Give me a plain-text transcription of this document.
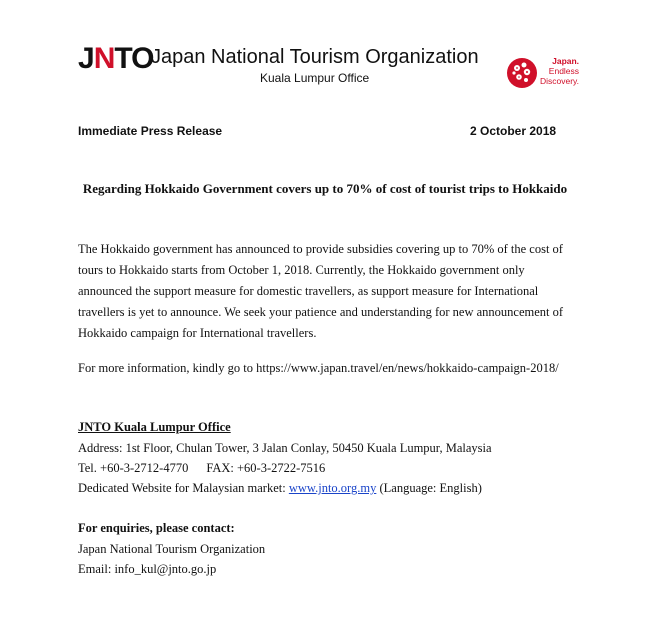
JNTO
Japan National Tourism Organization
Kuala Lumpur Office
Japan.
Endless
Discovery.
Immediate Press Release	2 October 2018
Regarding Hokkaido Government covers up to 70% of cost of tourist trips to Hokkaido
The Hokkaido government has announced to provide subsidies covering up to 70% of the cost of
tours to Hokkaido starts from October 1, 2018. Currently, the Hokkaido government only
announced the support measure for domestic travellers, as support measure for International
travellers is yet to announce. We seek your patience and understanding for new announcement of
Hokkaido campaign for International travellers.
For more information, kindly go to https://www.japan.travel/en/news/hokkaido-campaign-2018/
JNTO Kuala Lumpur Office
Address: 1st Floor, Chulan Tower, 3 Jalan Conlay, 50450 Kuala Lumpur, Malaysia
Tel. +60-3-2712-4770 FAX: +60-3-2722-7516
Dedicated Website for Malaysian market: www.jnto.org.my (Language: English)
For enquiries, please contact:
Japan National Tourism Organization
Email: info_kul@jnto.go.jp
